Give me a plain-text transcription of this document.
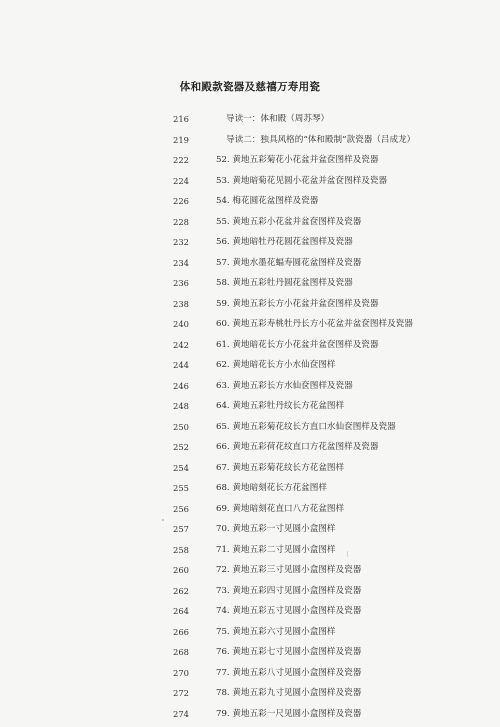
体和殿款瓷器及慈禧万寿用瓷
216	导读一：体和殿（周苏琴）
219	导读二：独具风格的“体和殿制”款瓷器（吕成龙）
222	52. 黄地五彩菊花小花盆并盆奁图样及瓷器
224	53. 黄地暗菊花见圆小花盆并盆奁图样及瓷器
226	54. 梅花圆花盆图样及瓷器
228	55. 黄地五彩小花盆并盆奁图样及瓷器
232	56. 黄地暗牡丹花圆花盆图样及瓷器
234	57. 黄地水墨花蝠寿圆花盆图样及瓷器
236	58. 黄地五彩牡丹圆花盆图样及瓷器
238	59. 黄地五彩长方小花盆并盆奁图样及瓷器
240	60. 黄地五彩寿桃牡丹长方小花盆并盆奁图样及瓷器
242	61. 黄地暗花长方小花盆并盆奁图样及瓷器
244	62. 黄地暗花长方小水仙奁图样
246	63. 黄地五彩长方水仙奁图样及瓷器
248	64. 黄地五彩牡丹纹长方花盆图样
250	65. 黄地五彩菊花纹长方直口水仙奁图样及瓷器
252	66. 黄地五彩荷花纹直口方花盆图样及瓷器
254	67. 黄地五彩菊花纹长方花盆图样
255	68. 黄地暗刻花长方花盆图样
256	69. 黄地暗刻花直口八方花盆图样
257	70. 黄地五彩一寸见圆小盒图样
258	71. 黄地五彩二寸见圆小盒图样
260	72. 黄地五彩三寸见圆小盒图样及瓷器
262	73. 黄地五彩四寸见圆小盒图样及瓷器
264	74. 黄地五彩五寸见圆小盒图样及瓷器
266	75. 黄地五彩六寸见圆小盒图样
268	76. 黄地五彩七寸见圆小盒图样及瓷器
270	77. 黄地五彩八寸见圆小盒图样及瓷器
272	78. 黄地五彩九寸见圆小盒图样及瓷器
274	79. 黄地五彩一尺见圆小盒图样及瓷器
